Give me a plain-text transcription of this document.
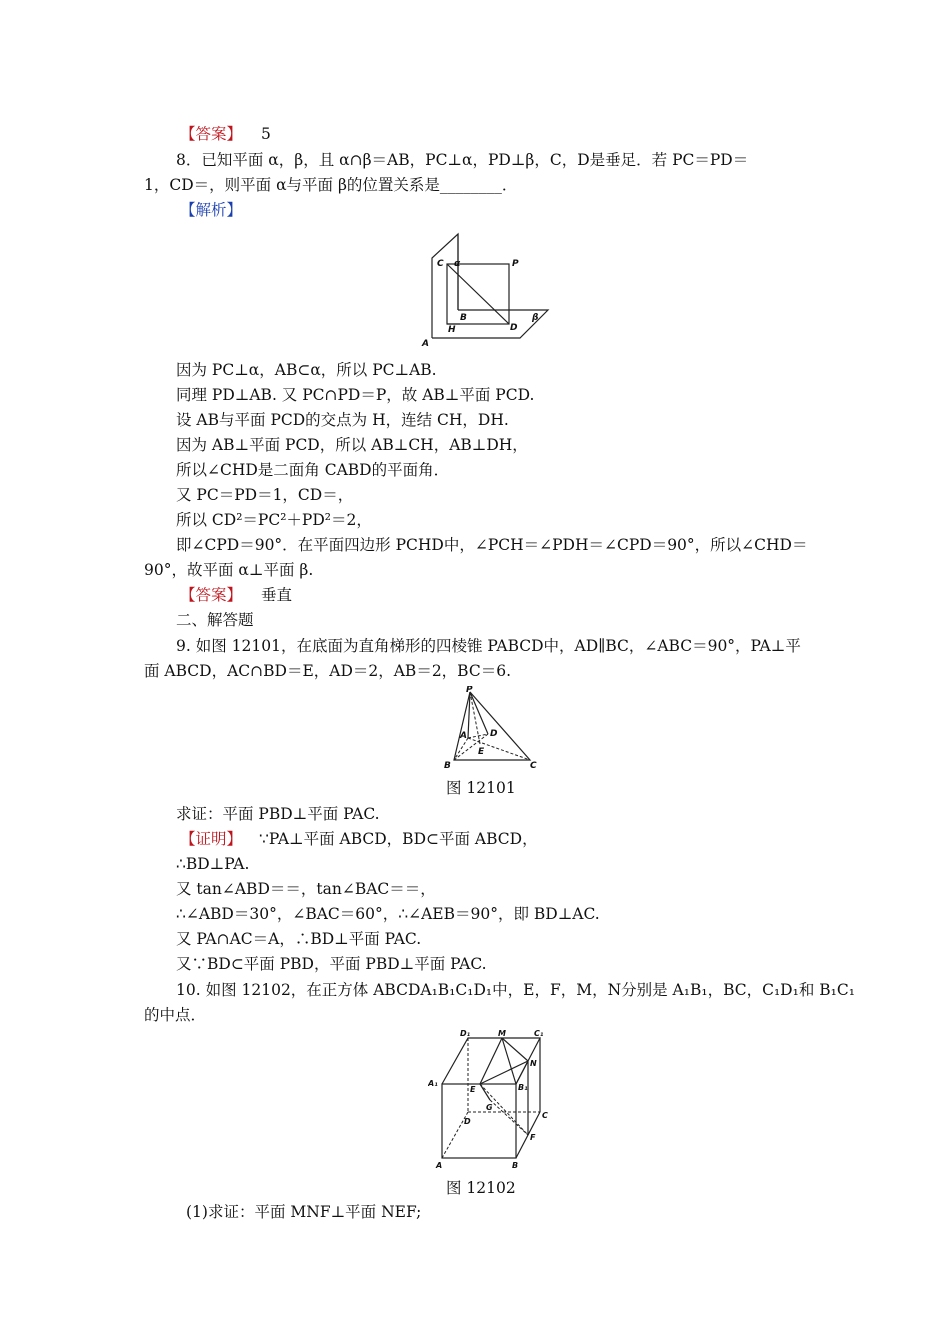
【答案】 5
8．已知平面 α，β，且 α∩β＝AB，PC⊥α，PD⊥β，C，D是垂足．若 PC＝PD＝
1，CD＝，则平面 α与平面 β的位置关系是________．
【解析】
α
C	P
β
B
H	D
A
因为 PC⊥α，AB⊂α，所以 PC⊥AB.
同理 PD⊥AB. 又 PC∩PD＝P，故 AB⊥平面 PCD.
设 AB与平面 PCD的交点为 H，连结 CH，DH.
因为 AB⊥平面 PCD，所以 AB⊥CH，AB⊥DH，
所以∠CHD是二面角 CABD的平面角．
又 PC＝PD＝1，CD＝，
所以 CD²＝PC²＋PD²＝2，
即∠CPD＝90°．在平面四边形 PCHD中，∠PCH＝∠PDH＝∠CPD＝90°，所以∠CHD＝
90°，故平面 α⊥平面 β.
【答案】 垂直
二、解答题
9. 如图 12101，在底面为直角梯形的四棱锥 PABCD中，AD∥BC，∠ABC＝90°，PA⊥平
面 ABCD，AC∩BD＝E，AD＝2，AB＝2，BC＝6.
P
A	D
E
B	C
图 12101
求证：平面 PBD⊥平面 PAC.
【证明】 ∵PA⊥平面 ABCD，BD⊂平面 ABCD，
∴BD⊥PA.
又 tan∠ABD＝＝，tan∠BAC＝＝，
∴∠ABD＝30°，∠BAC＝60°，∴∠AEB＝90°，即 BD⊥AC.
又 PA∩AC＝A，∴BD⊥平面 PAC.
又∵BD⊂平面 PBD，平面 PBD⊥平面 PAC.
10. 如图 12102，在正方体 ABCDA₁B₁C₁D₁中，E，F，M，N分别是 A₁B₁，BC，C₁D₁和 B₁C₁
的中点．
D₁	M	C₁
A₁
N
E	B₁
G
D
C
F
A	B
图 12102
(1)求证：平面 MNF⊥平面 NEF;
